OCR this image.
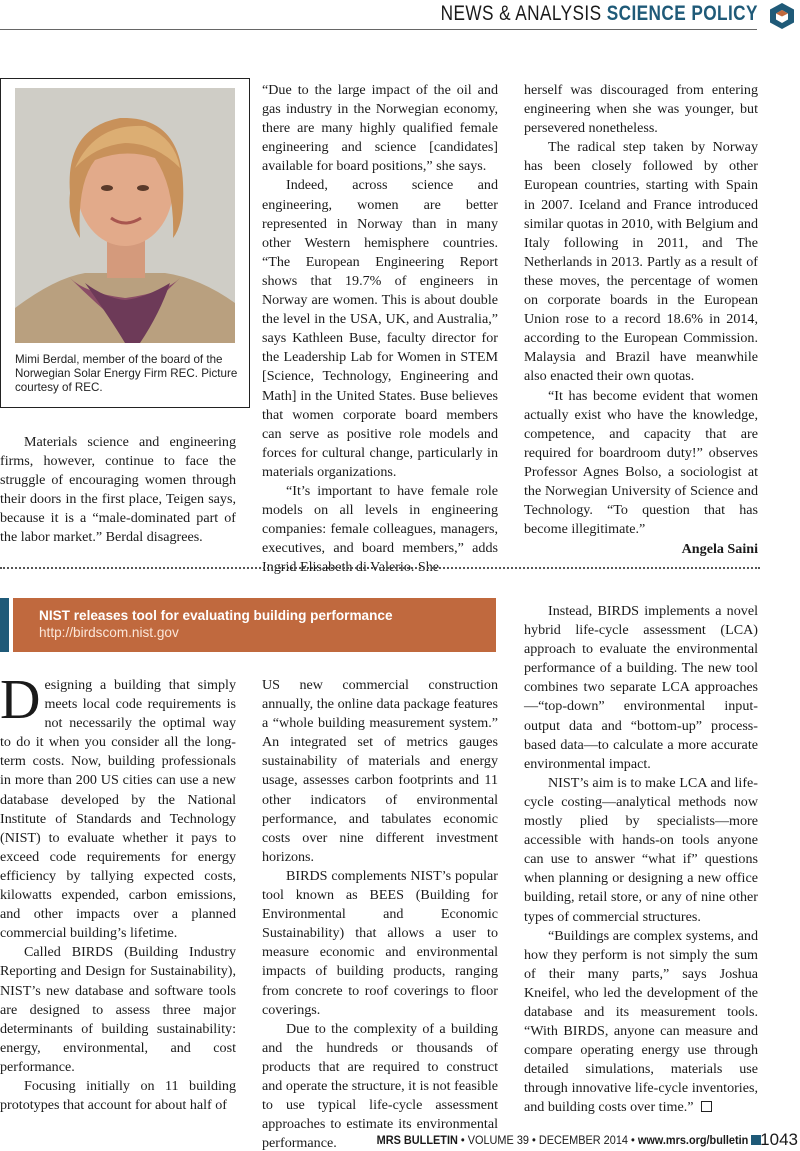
NEWS & ANALYSIS SCIENCE POLICY
Mimi Berdal, member of the board of the Norwegian Solar Energy Firm REC. Picture courtesy of REC.

Materials science and engineering firms, however, continue to face the struggle of encouraging women through their doors in the first place, Teigen says, because it is a “male-dominated part of the labor market.” Berdal disagrees.

“Due to the large impact of the oil and gas industry in the Norwegian economy, there are many highly qualified female engineering and science [candidates] available for board positions,” she says.

Indeed, across science and engineering, women are better represented in Norway than in many other Western hemisphere countries. “The European Engineering Report shows that 19.7% of engineers in Norway are women. This is about double the level in the USA, UK, and Australia,” says Kathleen Buse, faculty director for the Leadership Lab for Women in STEM [Science, Technology, Engineering and Math] in the United States. Buse believes that women corporate board members can serve as positive role models and forces for cultural change, particularly in materials organizations.

“It’s important to have female role models on all levels in engineering companies: female colleagues, managers, executives, and board members,” adds Ingrid Elisabeth di Valerio. She

herself was discouraged from entering engineering when she was younger, but persevered nonetheless.

The radical step taken by Norway has been closely followed by other European countries, starting with Spain in 2007. Iceland and France introduced similar quotas in 2010, with Belgium and Italy following in 2011, and The Netherlands in 2013. Partly as a result of these moves, the percentage of women on corporate boards in the European Union rose to a record 18.6% in 2014, according to the European Commission. Malaysia and Brazil have meanwhile also enacted their own quotas.

“It has become evident that women actually exist who have the knowledge, competence, and capacity that are required for boardroom duty!” observes Professor Agnes Bolso, a sociologist at the Norwegian University of Science and Technology. “To question that has become illegitimate.”

Angela Saini

NIST releases tool for evaluating building performance
http://birdscom.nist.gov

Designing a building that simply meets local code requirements is not necessarily the optimal way to do it when you consider all the long-term costs. Now, building professionals in more than 200 US cities can use a new database developed by the National Institute of Standards and Technology (NIST) to evaluate whether it pays to exceed code requirements for energy efficiency by tallying expected costs, kilowatts expended, carbon emissions, and other impacts over a planned commercial building’s lifetime.

Called BIRDS (Building Industry Reporting and Design for Sustainability), NIST’s new database and software tools are designed to assess three major determinants of building sustainability: energy, environmental, and cost performance.

Focusing initially on 11 building prototypes that account for about half of

US new commercial construction annually, the online data package features a “whole building measurement system.” An integrated set of metrics gauges sustainability of materials and energy usage, assesses carbon footprints and 11 other indicators of environmental performance, and tabulates economic costs over nine different investment horizons.

BIRDS complements NIST’s popular tool known as BEES (Building for Environmental and Economic Sustainability) that allows a user to measure economic and environmental impacts of building products, ranging from concrete to roof coverings to floor coverings.

Due to the complexity of a building and the hundreds or thousands of products that are required to construct and operate the structure, it is not feasible to use typical life-cycle assessment approaches to estimate its environmental performance.

Instead, BIRDS implements a novel hybrid life-cycle assessment (LCA) approach to evaluate the environmental performance of a building. The new tool combines two separate LCA approaches—“top-down” environmental input-output data and “bottom-up” process-based data—to calculate a more accurate environmental impact.

NIST’s aim is to make LCA and life-cycle costing—analytical methods now mostly plied by specialists—more accessible with hands-on tools anyone can use to answer “what if” questions when planning or designing a new office building, retail store, or any of nine other types of commercial structures.

“Buildings are complex systems, and how they perform is not simply the sum of their many parts,” says Joshua Kneifel, who led the development of the database and its measurement tools. “With BIRDS, anyone can measure and compare operating energy use through detailed simulations, materials use through innovative life-cycle inventories, and building costs over time.”

MRS BULLETIN • VOLUME 39 • DECEMBER 2014 • www.mrs.org/bulletin 1043
